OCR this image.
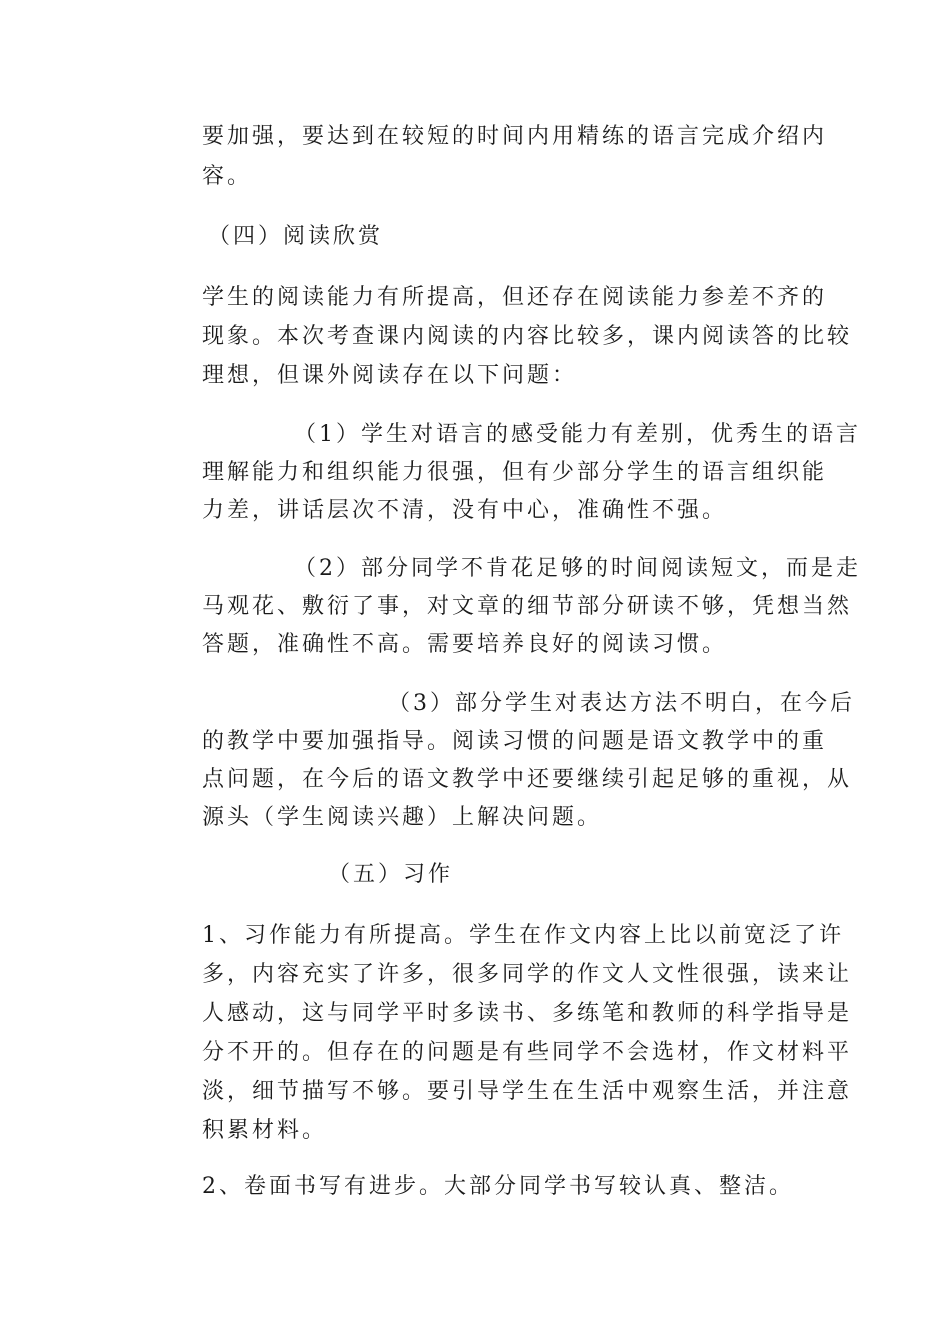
要加强，要达到在较短的时间内用精练的语言完成介绍内
容。
（四）阅读欣赏
学生的阅读能力有所提高，但还存在阅读能力参差不齐的
现象。本次考查课内阅读的内容比较多，课内阅读答的比较
理想，但课外阅读存在以下问题：
（1）学生对语言的感受能力有差别，优秀生的语言
理解能力和组织能力很强，但有少部分学生的语言组织能
力差，讲话层次不清，没有中心，准确性不强。
（2）部分同学不肯花足够的时间阅读短文，而是走
马观花、敷衍了事，对文章的细节部分研读不够，凭想当然
答题，准确性不高。需要培养良好的阅读习惯。
（3）部分学生对表达方法不明白，在今后
的教学中要加强指导。阅读习惯的问题是语文教学中的重
点问题，在今后的语文教学中还要继续引起足够的重视，从
源头（学生阅读兴趣）上解决问题。
（五）习作
1、习作能力有所提高。学生在作文内容上比以前宽泛了许
多，内容充实了许多，很多同学的作文人文性很强，读来让
人感动，这与同学平时多读书、多练笔和教师的科学指导是
分不开的。但存在的问题是有些同学不会选材，作文材料平
淡，细节描写不够。要引导学生在生活中观察生活，并注意
积累材料。
2、卷面书写有进步。大部分同学书写较认真、整洁。
